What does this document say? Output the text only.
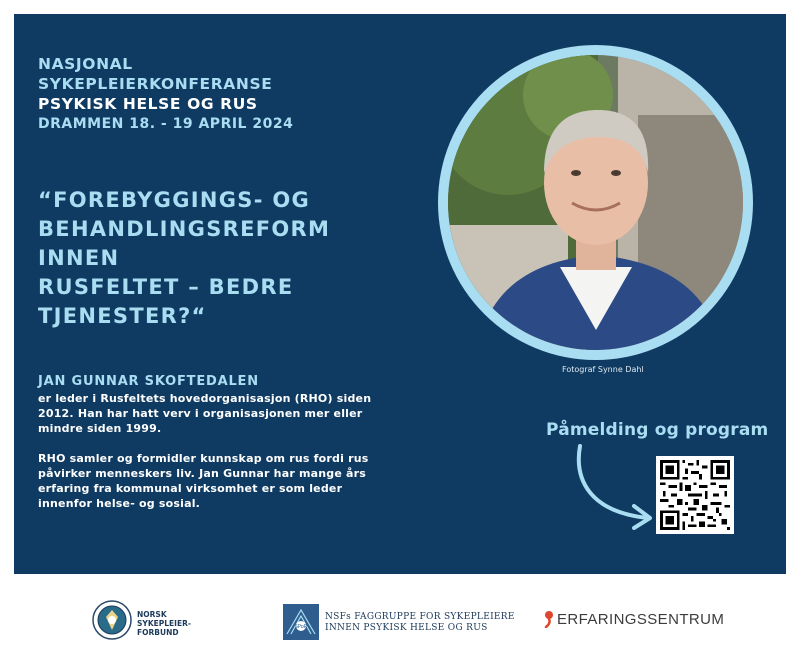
NASJONAL
SYKEPLEIERKONFERANSE
PSYKISK HELSE OG RUS
DRAMMEN 18. - 19 APRIL 2024
“FOREBYGGINGS- OG
BEHANDLINGSREFORM
INNEN
RUSFELTET – BEDRE
TJENESTER?“
JAN GUNNAR SKOFTEDALEN
er leder i Rusfeltets hovedorganisasjon (RHO) siden
2012. Han har hatt verv i organisasjonen mer eller
mindre siden 1999.
RHO samler og formidler kunnskap om rus fordi rus
påvirker menneskers liv. Jan Gunnar har mange års
erfaring fra kommunal virksomhet er som leder
innenfor helse- og sosial.
Fotograf Synne Dahl
Påmelding og program
NORSK
SYKEPLEIER-
FORBUND
SPoR
NSFs FAGGRUPPE FOR SYKEPLEIERE
INNEN PSYKISK HELSE OG RUS
ERFARINGSSENTRUM
